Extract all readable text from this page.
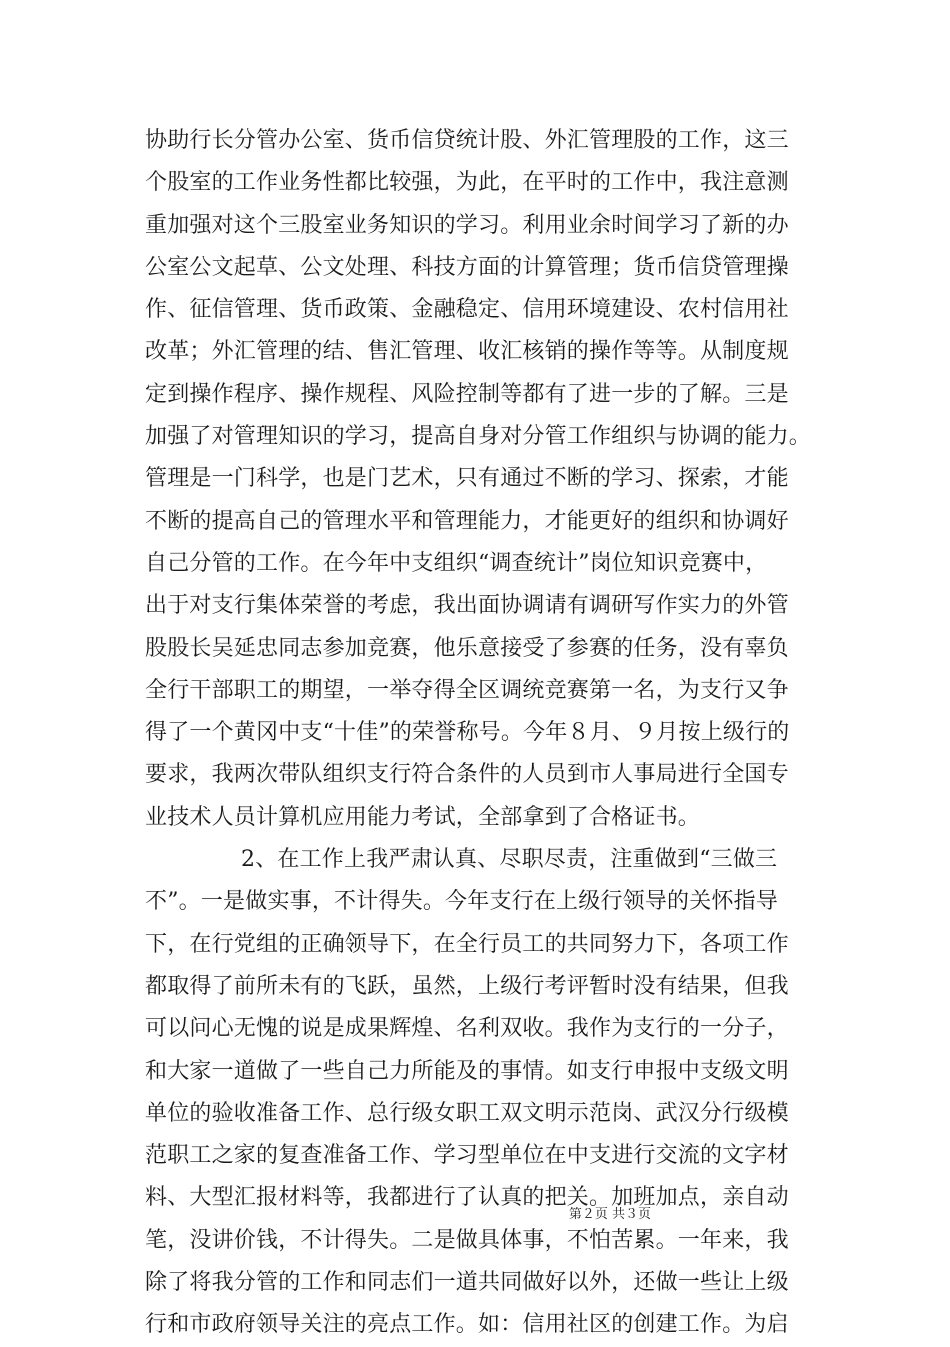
协助行长分管办公室、货币信贷统计股、外汇管理股的工作，这三
个股室的工作业务性都比较强，为此，在平时的工作中，我注意测
重加强对这个三股室业务知识的学习。利用业余时间学习了新的办
公室公文起草、公文处理、科技方面的计算管理；货币信贷管理操
作、征信管理、货币政策、金融稳定、信用环境建设、农村信用社
改革；外汇管理的结、售汇管理、收汇核销的操作等等。从制度规
定到操作程序、操作规程、风险控制等都有了进一步的了解。三是
加强了对管理知识的学习，提高自身对分管工作组织与协调的能力。
管理是一门科学，也是门艺术，只有通过不断的学习、探索，才能
不断的提高自己的管理水平和管理能力，才能更好的组织和协调好
自己分管的工作。在今年中支组织“调查统计”岗位知识竞赛中，
出于对支行集体荣誉的考虑，我出面协调请有调研写作实力的外管
股股长吴延忠同志参加竞赛，他乐意接受了参赛的任务，没有辜负
全行干部职工的期望，一举夺得全区调统竞赛第一名，为支行又争
得了一个黄冈中支“十佳”的荣誉称号。今年８月、９月按上级行的
要求，我两次带队组织支行符合条件的人员到市人事局进行全国专
业技术人员计算机应用能力考试，全部拿到了合格证书。
2、在工作上我严肃认真、尽职尽责，注重做到“三做三
不”。一是做实事，不计得失。今年支行在上级行领导的关怀指导
下，在行党组的正确领导下，在全行员工的共同努力下，各项工作
都取得了前所未有的飞跃，虽然，上级行考评暂时没有结果，但我
可以问心无愧的说是成果辉煌、名利双收。我作为支行的一分子，
和大家一道做了一些自己力所能及的事情。如支行申报中支级文明
单位的验收准备工作、总行级女职工双文明示范岗、武汉分行级模
范职工之家的复查准备工作、学习型单位在中支进行交流的文字材
料、大型汇报材料等，我都进行了认真的把关。加班加点，亲自动
笔，没讲价钱，不计得失。二是做具体事，不怕苦累。一年来，我
除了将我分管的工作和同志们一道共同做好以外，还做一些让上级
行和市政府领导关注的亮点工作。如：信用社区的创建工作。为启
第２页 共３页
